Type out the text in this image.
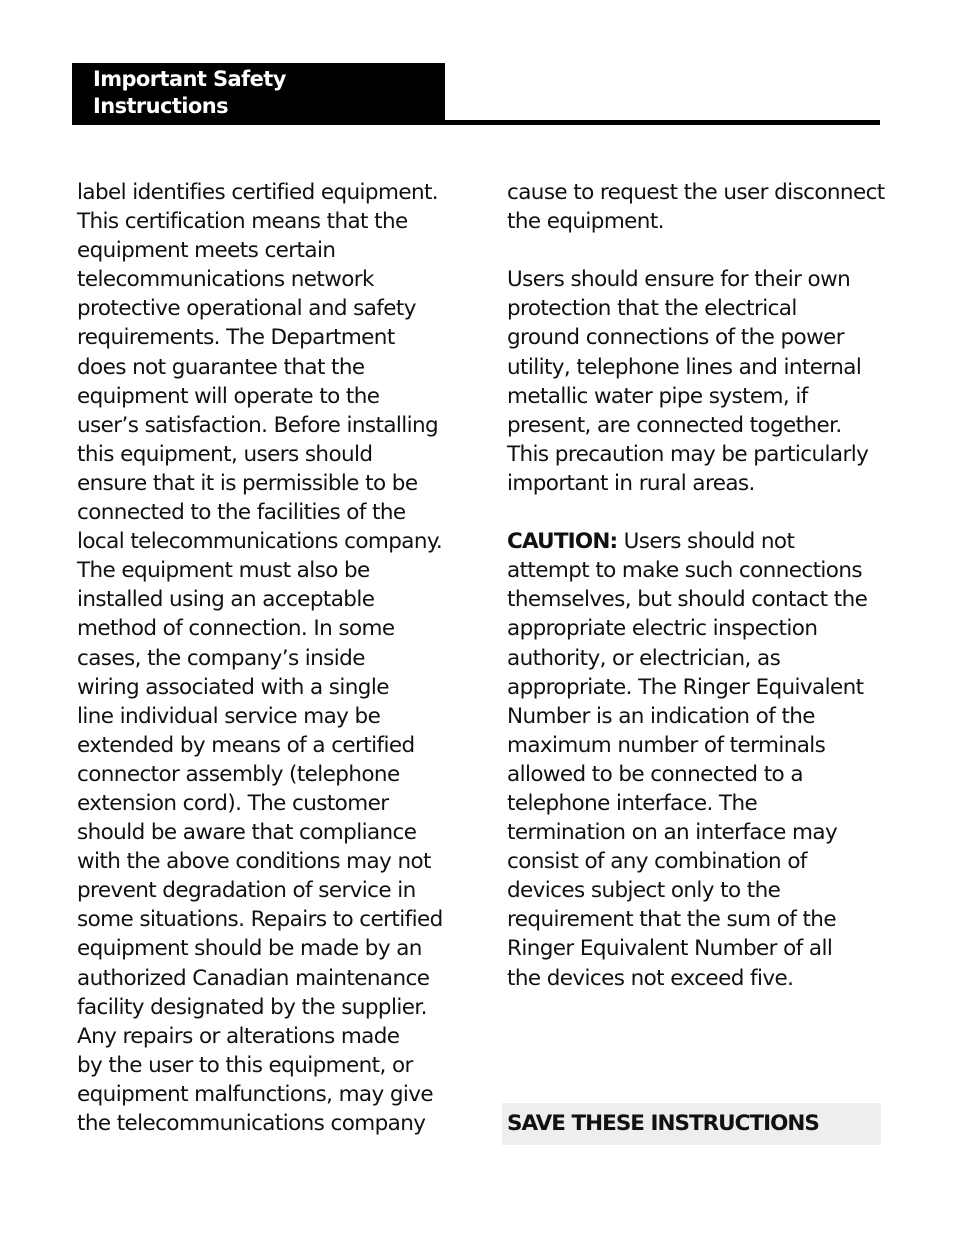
Important Safety
Instructions
label identifies certified equipment.
This certification means that the
equipment meets certain
telecommunications network
protective operational and safety
requirements. The Department
does not guarantee that the
equipment will operate to the
user’s satisfaction. Before installing
this equipment, users should
ensure that it is permissible to be
connected to the facilities of the
local telecommunications company.
The equipment must also be
installed using an acceptable
method of connection. In some
cases, the company’s inside
wiring associated with a single
line individual service may be
extended by means of a certified
connector assembly (telephone
extension cord). The customer
should be aware that compliance
with the above conditions may not
prevent degradation of service in
some situations. Repairs to certified
equipment should be made by an
authorized Canadian maintenance
facility designated by the supplier.
Any repairs or alterations made
by the user to this equipment, or
equipment malfunctions, may give
the telecommunications company
cause to request the user disconnect
the equipment.
Users should ensure for their own
protection that the electrical
ground connections of the power
utility, telephone lines and internal
metallic water pipe system, if
present, are connected together.
This precaution may be particularly
important in rural areas.
CAUTION: Users should not
attempt to make such connections
themselves, but should contact the
appropriate electric inspection
authority, or electrician, as
appropriate. The Ringer Equivalent
Number is an indication of the
maximum number of terminals
allowed to be connected to a
telephone interface. The
termination on an interface may
consist of any combination of
devices subject only to the
requirement that the sum of the
Ringer Equivalent Number of all
the devices not exceed five.
SAVE THESE INSTRUCTIONS
